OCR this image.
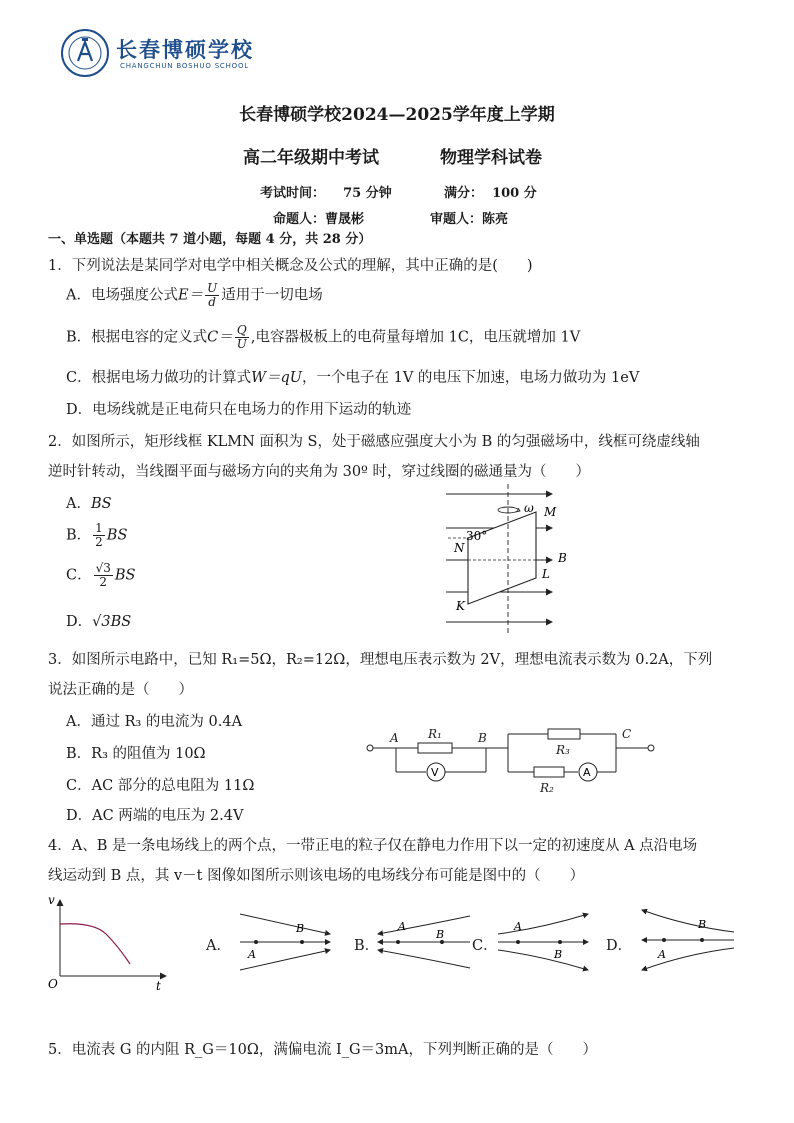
长春博硕学校
CHANGCHUN BOSHUO SCHOOL
长春博硕学校2024—2025学年度上学期
高二年级期中考试	物理学科试卷
考试时间： 75 分钟	满分： 100 分
命题人：曹晟彬	审题人：陈亮
一、单选题（本题共 7 道小题，每题 4 分，共 28 分）
1．下列说法是某同学对电学中相关概念及公式的理解，其中正确的是(　　)
A．电场强度公式$E= \frac{U}{d}$ 适用于一切电场
B．根据电容的定义式$C= \frac{Q}{U}$ ,电容器极板上的电荷量每增加 1C，电压就增加 1V
C．根据电场力做功的计算式W＝qU，一个电子在 1V 的电压下加速，电场力做功为 1eV
D．电场线就是正电荷只在电场力的作用下运动的轨迹
2．如图所示，矩形线框 KLMN 面积为 S，处于磁感应强度大小为 B 的匀强磁场中，线框可绕虚线轴
逆时针转动，当线圈平面与磁场方向的夹角为 30º 时，穿过线圈的磁通量为（　　）
A．BS
B． $\frac{1}{2}$ BS
C． $\frac{√3}{2}$ BS
D．√3BS
ω
30°
M
N
L
K
B
3．如图所示电路中，已知 R₁=5Ω，R₂=12Ω，理想电压表示数为 2V，理想电流表示数为 0.2A，下列
说法正确的是（　　）
A．通过 R₃ 的电流为 0.4A
B．R₃ 的阻值为 10Ω
C．AC 部分的总电阻为 11Ω
D．AC 两端的电压为 2.4V
A	B	C
R₁
R₃
R₂
V	A
4．A、B 是一条电场线上的两个点，一带正电的粒子仅在静电力作用下以一定的初速度从 A 点沿电场
线运动到 B 点，其 v－t 图像如图所示则该电场的电场线分布可能是图中的（　　）
v
t
O
A．	B．	C．	D．
A
B	A
B
A
B	A
B
5．电流表 G 的内阻 R_G＝10Ω，满偏电流 I_G＝3mA，下列判断正确的是（　　）
